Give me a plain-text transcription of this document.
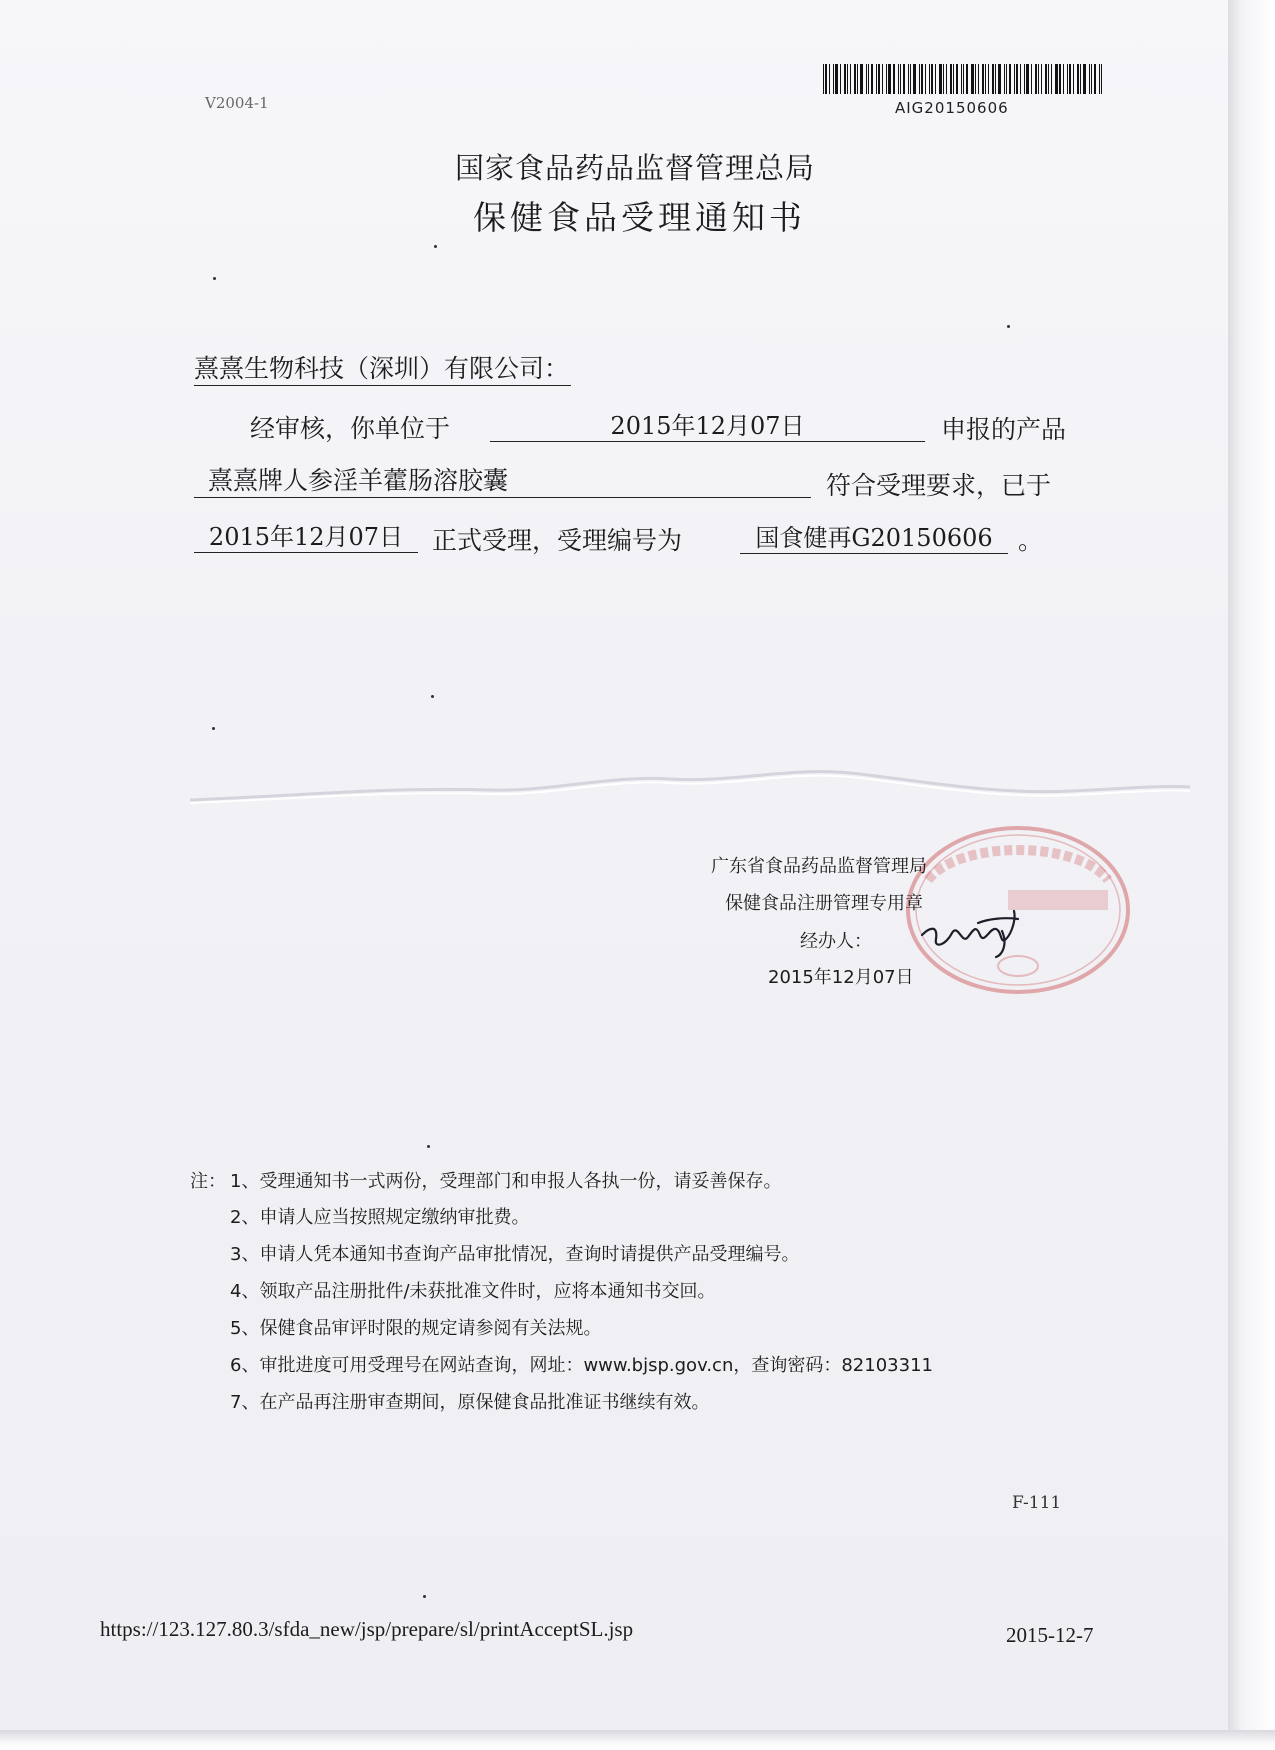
V2004-1	AIG20150606
国家食品药品监督管理总局
保健食品受理通知书
熹熹生物科技（深圳）有限公司：
经审核，你单位于	2015年12月07日	申报的产品
熹熹牌人参淫羊藿肠溶胶囊	符合受理要求，已于
2015年12月07日	正式受理，受理编号为	国食健再G20150606	。
广东省食品药品监督管理局
保健食品注册管理专用章
经办人：
2015年12月07日
注： 1、受理通知书一式两份，受理部门和申报人各执一份，请妥善保存。
2、申请人应当按照规定缴纳审批费。
3、申请人凭本通知书查询产品审批情况，查询时请提供产品受理编号。
4、领取产品注册批件/未获批准文件时，应将本通知书交回。
5、保健食品审评时限的规定请参阅有关法规。
6、审批进度可用受理号在网站查询，网址：www.bjsp.gov.cn，查询密码：82103311
7、在产品再注册审查期间，原保健食品批准证书继续有效。
F-111
https://123.127.80.3/sfda_new/jsp/prepare/sl/printAcceptSL.jsp	2015-12-7
